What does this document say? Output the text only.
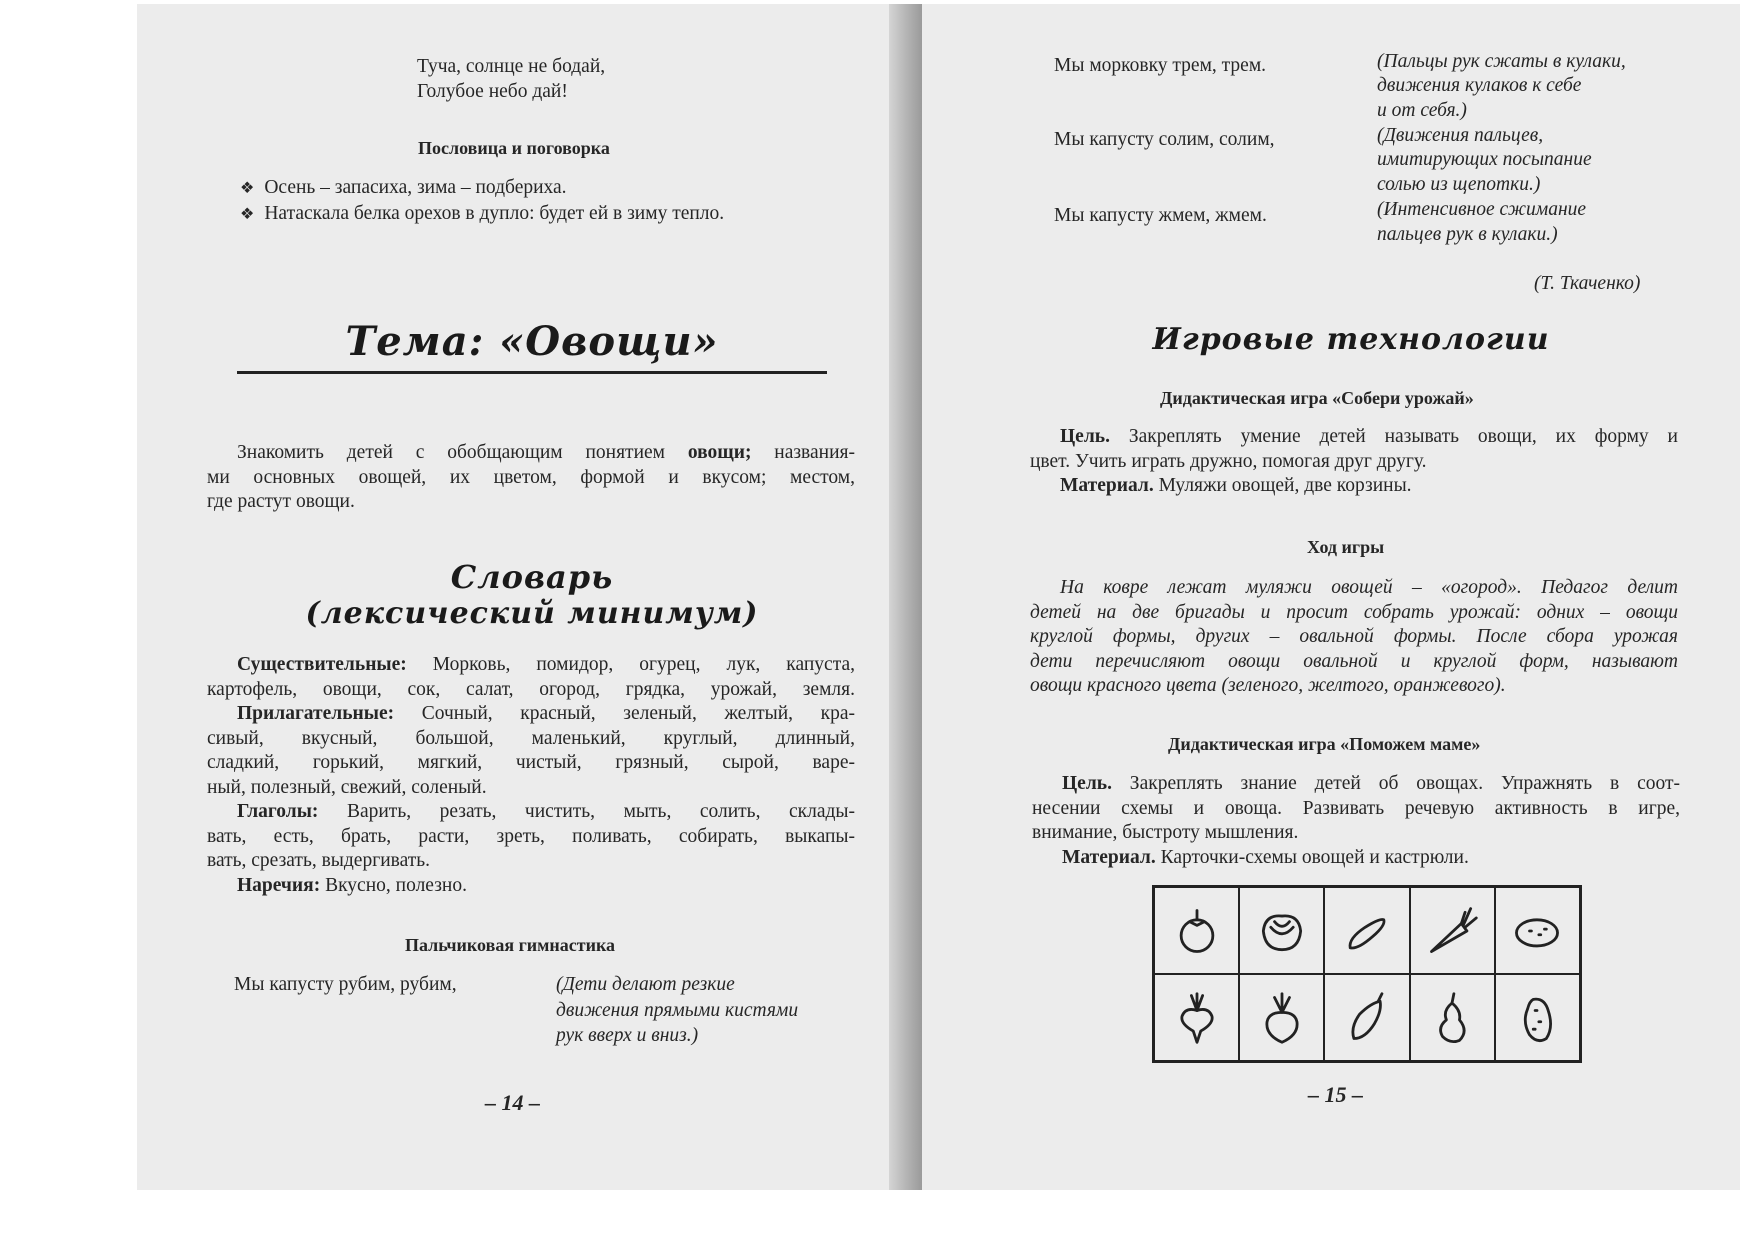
Туча, солнце не бодай,
Голубое небо дай!
Пословица и поговорка
❖ Осень – запасиха, зима – подбериха.
❖ Натаскала белка орехов в дупло: будет ей в зиму тепло.
Тема: «Овощи»
Знакомить детей с обобщающим понятием овощи; названия-
ми основных овощей, их цветом, формой и вкусом; местом,
где растут овощи.
Словарь
(лексический минимум)
Существительные: Морковь, помидор, огурец, лук, капуста,
картофель, овощи, сок, салат, огород, грядка, урожай, земля.
Прилагательные: Сочный, красный, зеленый, желтый, кра-
сивый, вкусный, большой, маленький, круглый, длинный,
сладкий, горький, мягкий, чистый, грязный, сырой, варе-
ный, полезный, свежий, соленый.
Глаголы: Варить, резать, чистить, мыть, солить, склады-
вать, есть, брать, расти, зреть, поливать, собирать, выкапы-
вать, срезать, выдергивать.
Наречия: Вкусно, полезно.
Пальчиковая гимнастика
Мы капусту рубим, рубим,	(Дети делают резкие
движения прямыми кистями
рук вверх и вниз.)
– 14 –
Мы морковку трем, трем.	(Пальцы рук сжаты в кулаки,
движения кулаков к себе
и от себя.)
Мы капусту солим, солим,	(Движения пальцев,
имитирующих посыпание
солью из щепотки.)
Мы капусту жмем, жмем.	(Интенсивное сжимание
пальцев рук в кулаки.)
(Т. Ткаченко)
Игровые технологии
Дидактическая игра «Собери урожай»
Цель. Закреплять умение детей называть овощи, их форму и
цвет. Учить играть дружно, помогая друг другу.
Материал. Муляжи овощей, две корзины.
Ход игры
На ковре лежат муляжи овощей – «огород». Педагог делит
детей на две бригады и просит собрать урожай: одних – овощи
круглой формы, других – овальной формы. После сбора урожая
дети перечисляют овощи овальной и круглой форм, называют
овощи красного цвета (зеленого, желтого, оранжевого).
Дидактическая игра «Поможем маме»
Цель. Закреплять знание детей об овощах. Упражнять в соот-
несении схемы и овоща. Развивать речевую активность в игре,
внимание, быстроту мышления.
Материал. Карточки-схемы овощей и кастрюли.
– 15 –
